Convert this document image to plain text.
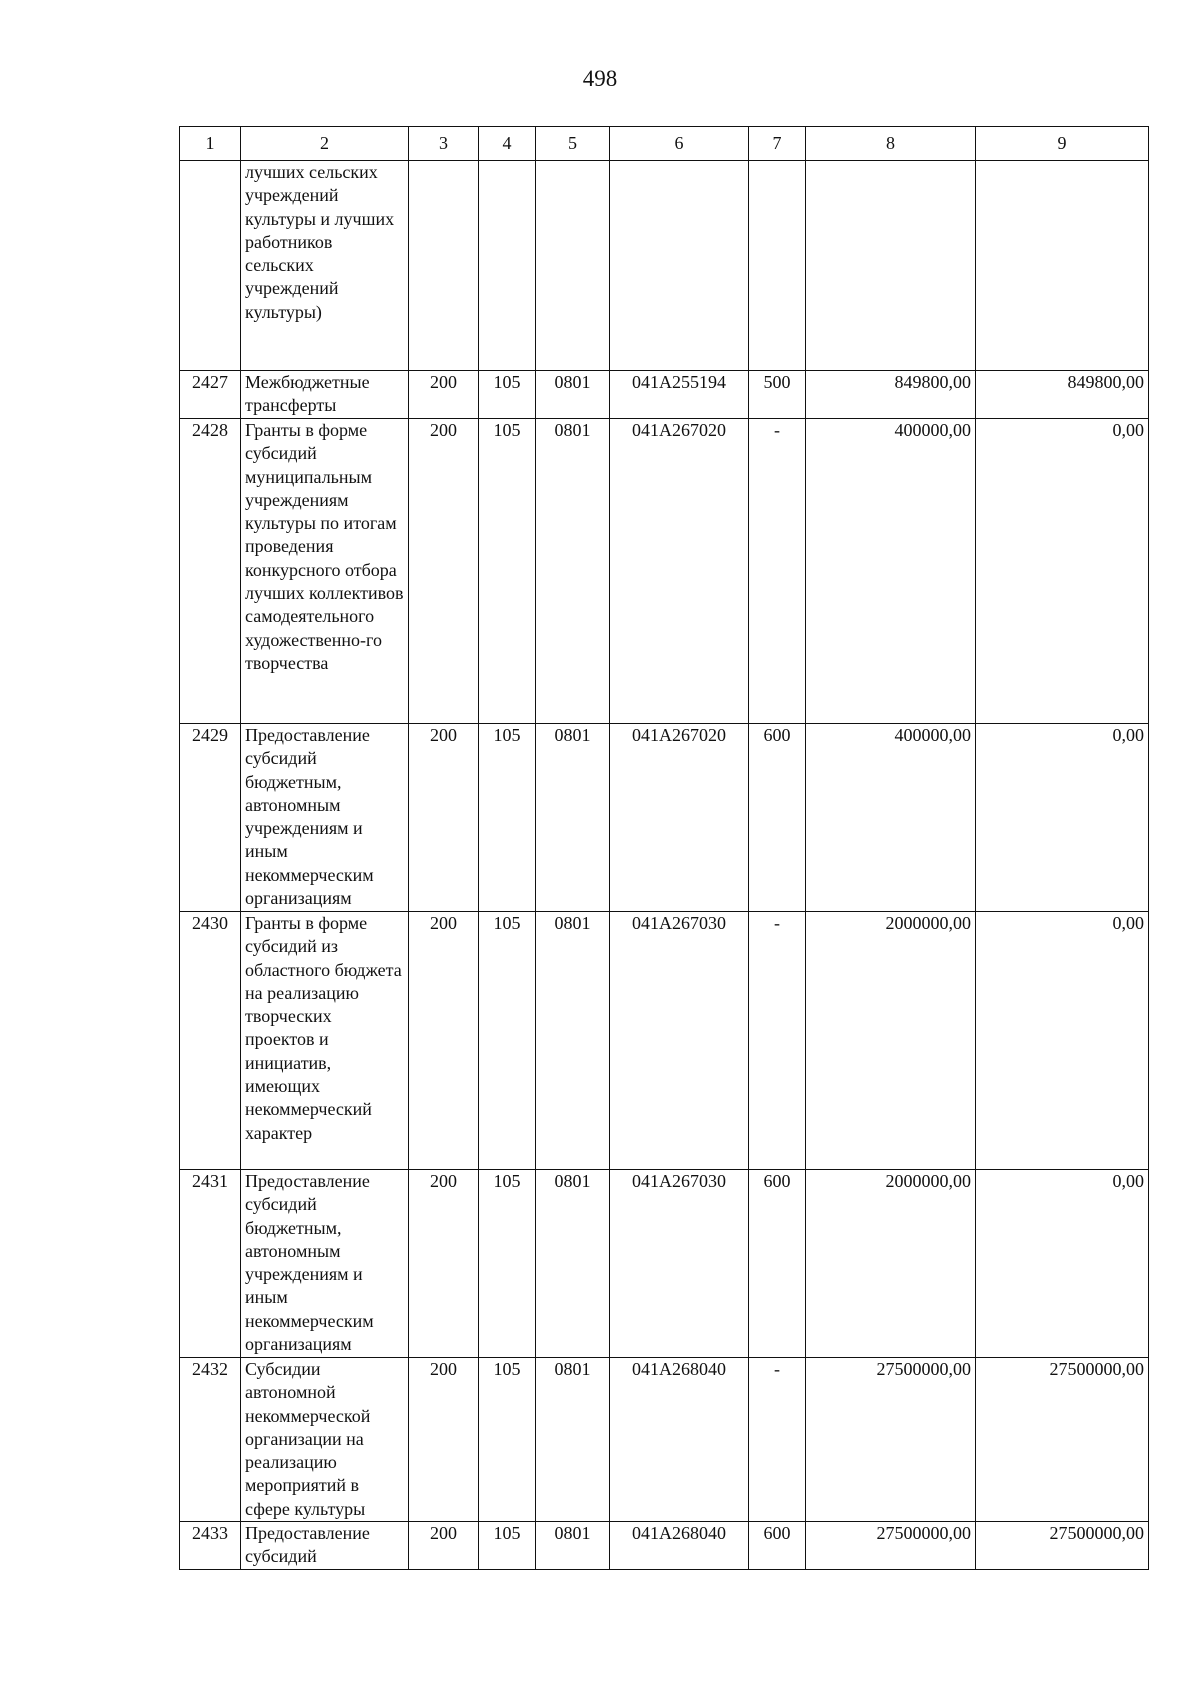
498
1	2	3	4	5	6	7	8	9
	лучших сельских учреждений культуры и лучших работников сельских учреждений культуры)							
2427	Межбюджетные трансферты	200	105	0801	041A255194	500	849800,00	849800,00
2428	Гранты в форме субсидий муниципальным учреждениям культуры по итогам проведения конкурсного отбора лучших коллективов самодеятельного художественно-го творчества	200	105	0801	041A267020	-	400000,00	0,00
2429	Предоставление субсидий бюджетным, автономным учреждениям и иным некоммерческим организациям	200	105	0801	041A267020	600	400000,00	0,00
2430	Гранты в форме субсидий из областного бюджета на реализацию творческих проектов и инициатив, имеющих некоммерческий характер	200	105	0801	041A267030	-	2000000,00	0,00
2431	Предоставление субсидий бюджетным, автономным учреждениям и иным некоммерческим организациям	200	105	0801	041A267030	600	2000000,00	0,00
2432	Субсидии автономной некоммерческой организации на реализацию мероприятий в сфере культуры	200	105	0801	041A268040	-	27500000,00	27500000,00
2433	Предоставление субсидий	200	105	0801	041A268040	600	27500000,00	27500000,00
